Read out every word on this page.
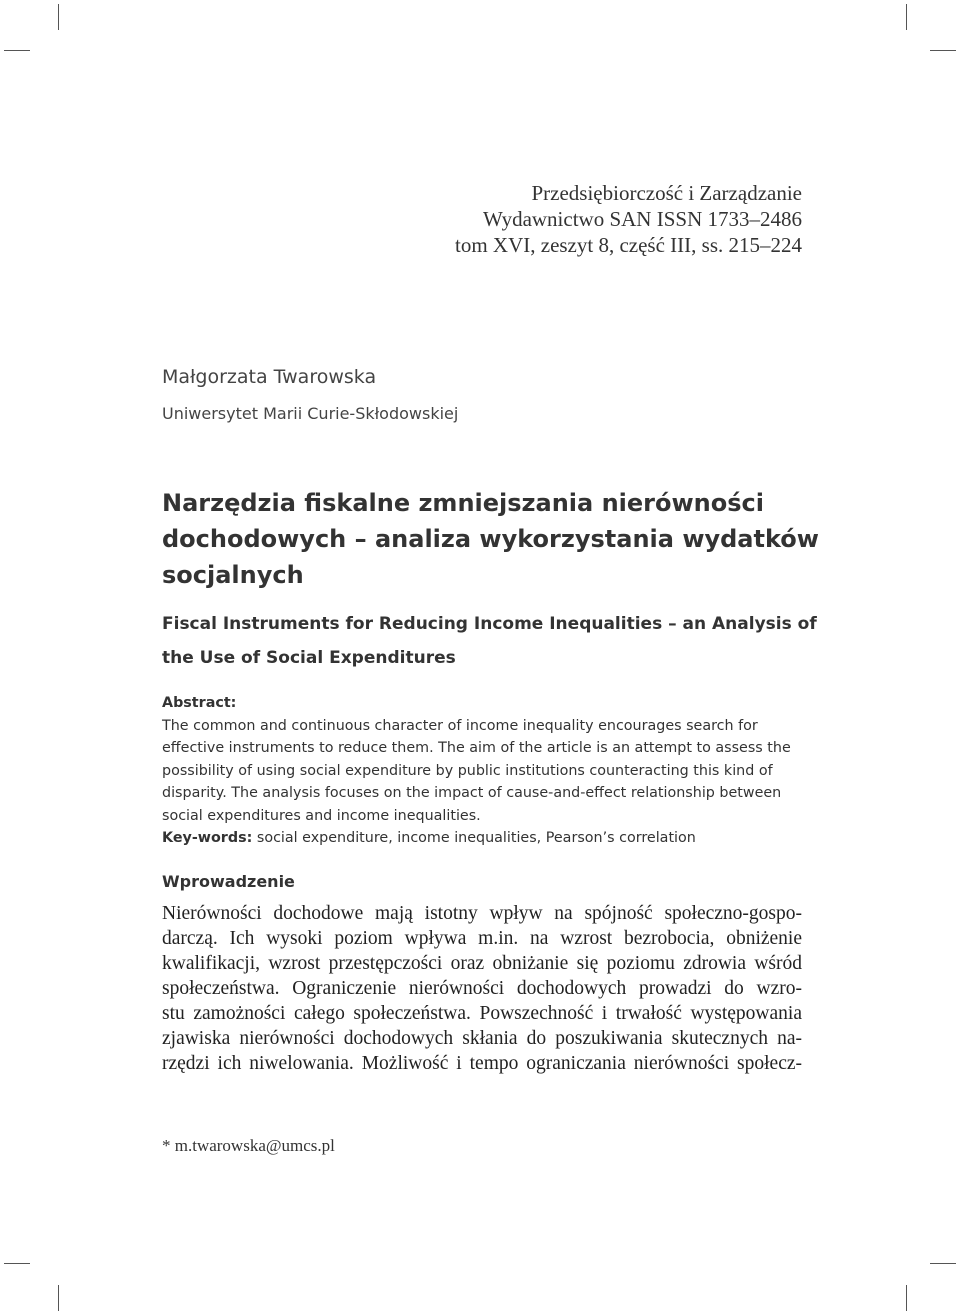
Przedsiębiorczość i Zarządzanie
Wydawnictwo SAN ISSN 1733–2486
tom XVI, zeszyt 8, część III, ss. 215–224
Małgorzata Twarowska
Uniwersytet Marii Curie-Skłodowskiej
Narzędzia fiskalne zmniejszania nierówności
dochodowych – analiza wykorzystania wydatków
socjalnych
Fiscal Instruments for Reducing Income Inequalities – an Analysis of
the Use of Social Expenditures
Abstract:
The common and continuous character of income inequality encourages search for
effective instruments to reduce them. The aim of the article is an attempt to assess the
possibility of using social expenditure by public institutions counteracting this kind of
disparity. The analysis focuses on the impact of cause-and-effect relationship between
social expenditures and income inequalities.
Key-words: social expenditure, income inequalities, Pearson’s correlation
Wprowadzenie
Nierówności dochodowe mają istotny wpływ na spójność społeczno-gospo-
darczą. Ich wysoki poziom wpływa m.in. na wzrost bezrobocia, obniżenie
kwalifikacji, wzrost przestępczości oraz obniżanie się poziomu zdrowia wśród
społeczeństwa. Ograniczenie nierówności dochodowych prowadzi do wzro-
stu zamożności całego społeczeństwa. Powszechność i trwałość występowania
zjawiska nierówności dochodowych skłania do poszukiwania skutecznych na-
rzędzi ich niwelowania. Możliwość i tempo ograniczania nierówności społecz-
* m.twarowska@umcs.pl
